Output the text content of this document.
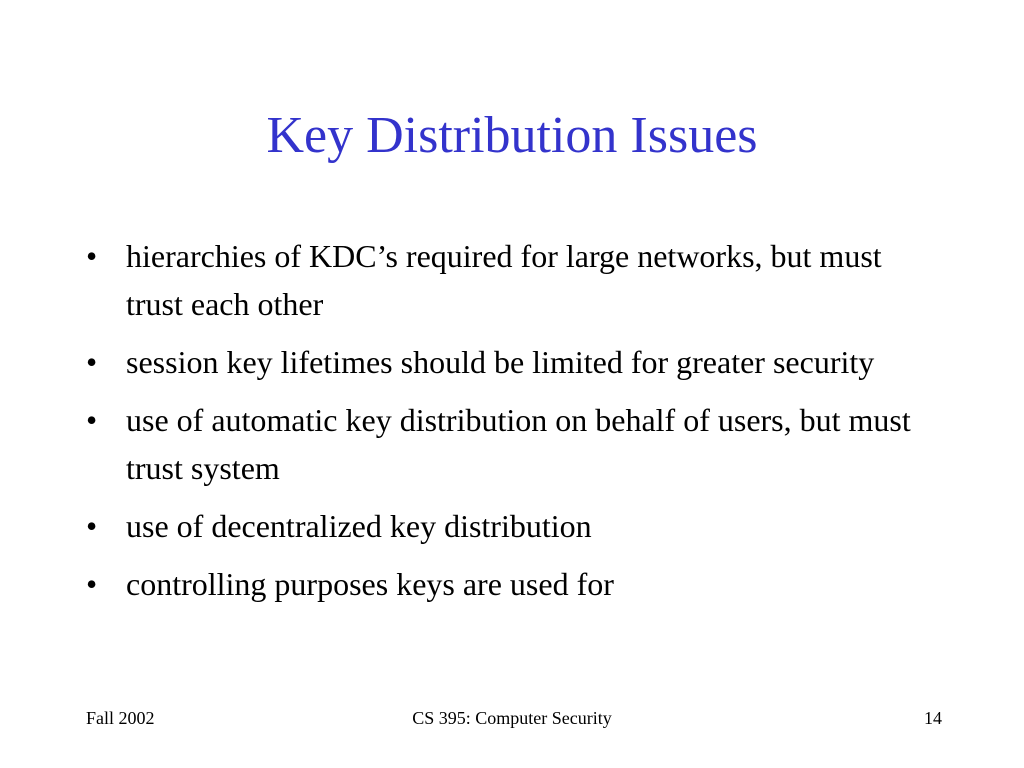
Key Distribution Issues
• hierarchies of KDC’s required for large networks, but must trust each other
• session key lifetimes should be limited for greater security
• use of automatic key distribution on behalf of users, but must trust system
• use of decentralized key distribution
• controlling purposes keys are used for
Fall 2002	CS 395: Computer Security	14
